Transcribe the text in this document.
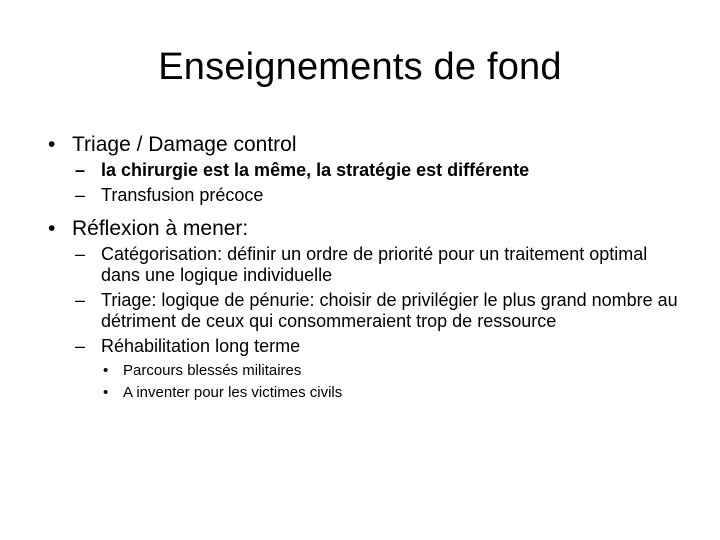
Enseignements de fond
• Triage / Damage control
– la chirurgie est la même, la stratégie est différente
– Transfusion précoce
• Réflexion à mener:
– Catégorisation: définir un ordre de priorité pour un traitement optimal dans une logique individuelle
– Triage: logique de pénurie: choisir de privilégier le plus grand nombre au détriment de ceux qui consommeraient trop de ressource
– Réhabilitation long terme
• Parcours blessés militaires
• A inventer pour les victimes civils
